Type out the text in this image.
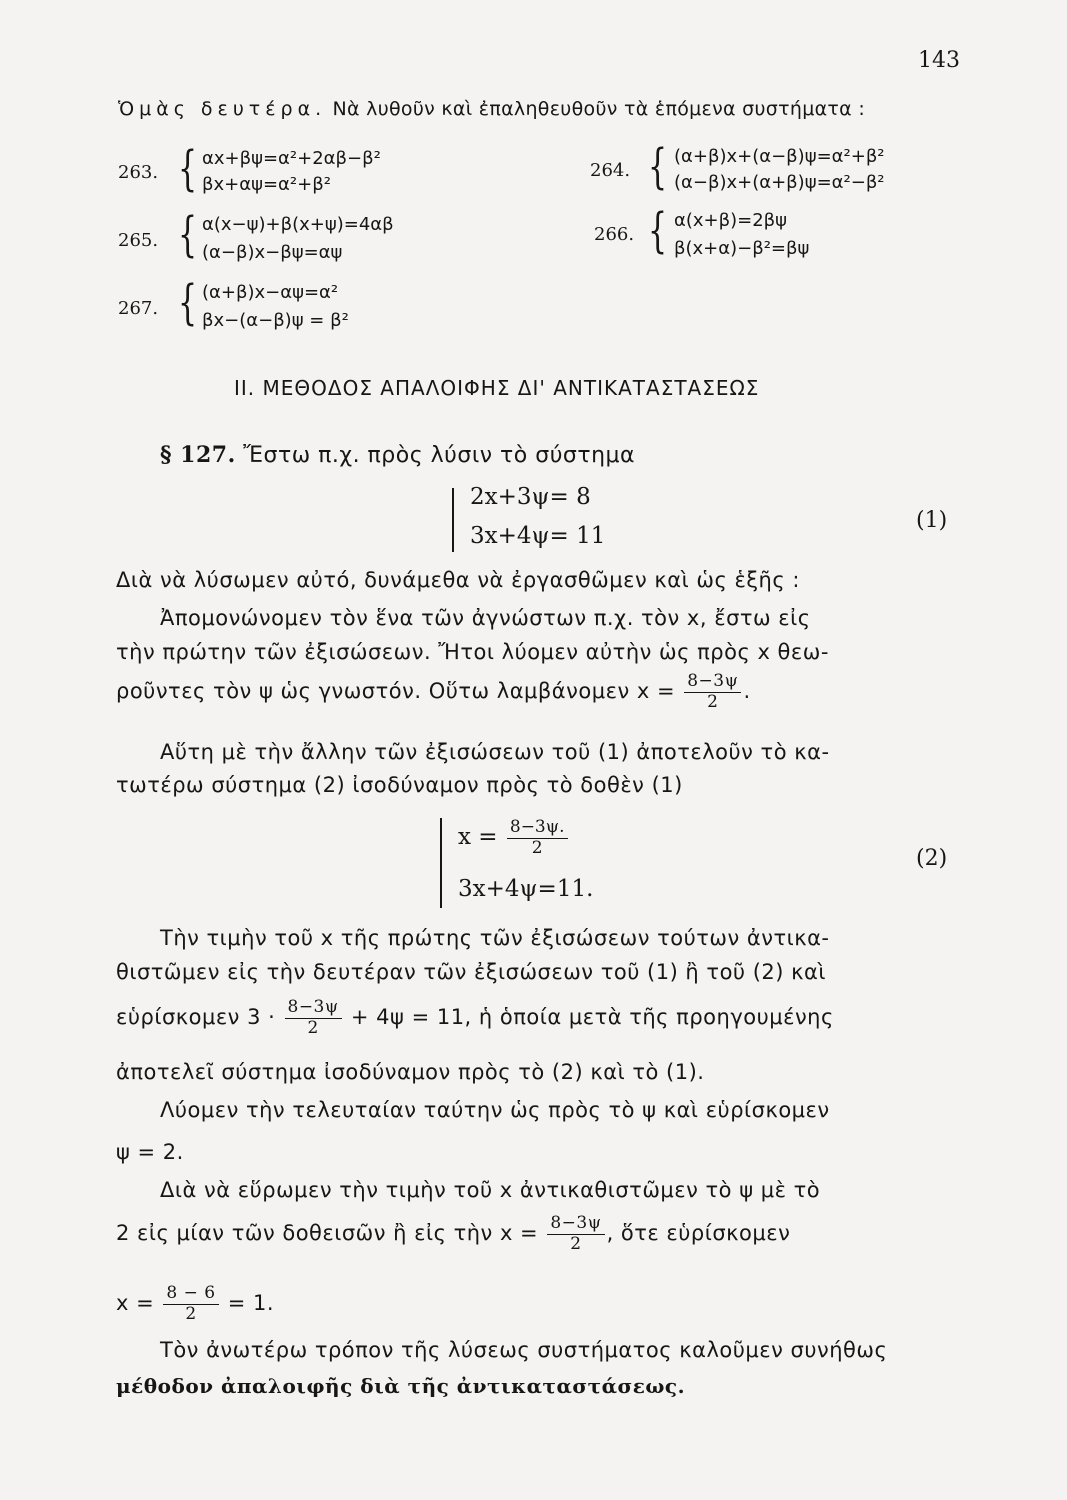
143
Ὁμὰς δευτέρα. Νὰ λυθοῦν καὶ ἐπαληθευθοῦν τὰ ἑπόμενα συστήματα :
263. { αx+βψ=α²+2αβ−β²
βx+αψ=α²+β²
264. { (α+β)x+(α−β)ψ=α²+β²
(α−β)x+(α+β)ψ=α²−β²
265. { α(x−ψ)+β(x+ψ)=4αβ
(α−β)x−βψ=αψ
266. { α(x+β)=2βψ
β(x+α)−β²=βψ
267. { (α+β)x−αψ=α²
βx−(α−β)ψ = β²
II. ΜΕΘΟΔΟΣ ΑΠΑΛΟΙΦΗΣ ΔΙ' ΑΝΤΙΚΑΤΑΣΤΑΣΕΩΣ
§ 127. Ἔστω π.χ. πρὸς λύσιν τὸ σύστημα
2x+3ψ= 8
3x+4ψ= 11
(1)
Διὰ νὰ λύσωμεν αὐτό, δυνάμεθα νὰ ἐργασθῶμεν καὶ ὡς ἑξῆς :
Ἀπομονώνομεν τὸν ἕνα τῶν ἀγνώστων π.χ. τὸν x, ἔστω εἰς
τὴν πρώτην τῶν ἐξισώσεων. Ἤτοι λύομεν αὐτὴν ὡς πρὸς x θεω-
ροῦντες τὸν ψ ὡς γνωστόν. Οὕτω λαμβάνομεν $x = \frac{8-3\psi}{2}$ .
Αὕτη μὲ τὴν ἄλλην τῶν ἐξισώσεων τοῦ (1) ἀποτελοῦν τὸ κα-
τωτέρω σύστημα (2) ἰσοδύναμον πρὸς τὸ δοθὲν (1)
$x = \frac{8-3\psi.}{2}$
3x+4ψ=11.
(2)
Τὴν τιμὴν τοῦ x τῆς πρώτης τῶν ἐξισώσεων τούτων ἀντικα-
θιστῶμεν εἰς τὴν δευτέραν τῶν ἐξισώσεων τοῦ (1) ἢ τοῦ (2) καὶ
εὑρίσκομεν $3 \cdot \frac{8-3\psi}{2} + 4\psi = 11$, ἡ ὁποία μετὰ τῆς προηγουμένης
ἀποτελεῖ σύστημα ἰσοδύναμον πρὸς τὸ (2) καὶ τὸ (1).
Λύομεν τὴν τελευταίαν ταύτην ὡς πρὸς τὸ ψ καὶ εὑρίσκομεν
ψ = 2.
Διὰ νὰ εὕρωμεν τὴν τιμὴν τοῦ x ἀντικαθιστῶμεν τὸ ψ μὲ τὸ
2 εἰς μίαν τῶν δοθεισῶν ἢ εἰς τὴν $x = \frac{8-3\psi}{2}$ , ὅτε εὑρίσκομεν
$x = \frac{8 - 6}{2} = 1$.
Τὸν ἀνωτέρω τρόπον τῆς λύσεως συστήματος καλοῦμεν συνήθως
μέθοδον ἀπαλοιφῆς διὰ τῆς ἀντικαταστάσεως.
